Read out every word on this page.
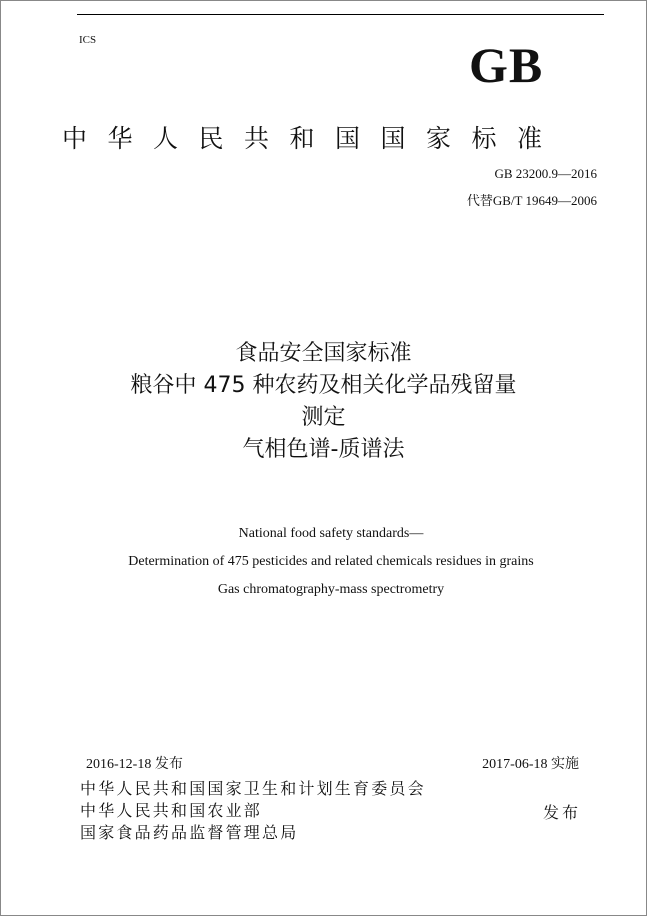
ICS	GB
中华人民共和国国家标准
GB 23200.9—2016
代替GB/T 19649—2006
食品安全国家标准
粮谷中 475 种农药及相关化学品残留量
测定
气相色谱-质谱法
National food safety standards—
Determination of 475 pesticides and related chemicals residues in grains
Gas chromatography-mass spectrometry
2016-12-18 发布	2017-06-18 实施
中华人民共和国国家卫生和计划生育委员会
中华人民共和国农业部
国家食品药品监督管理总局
发布
